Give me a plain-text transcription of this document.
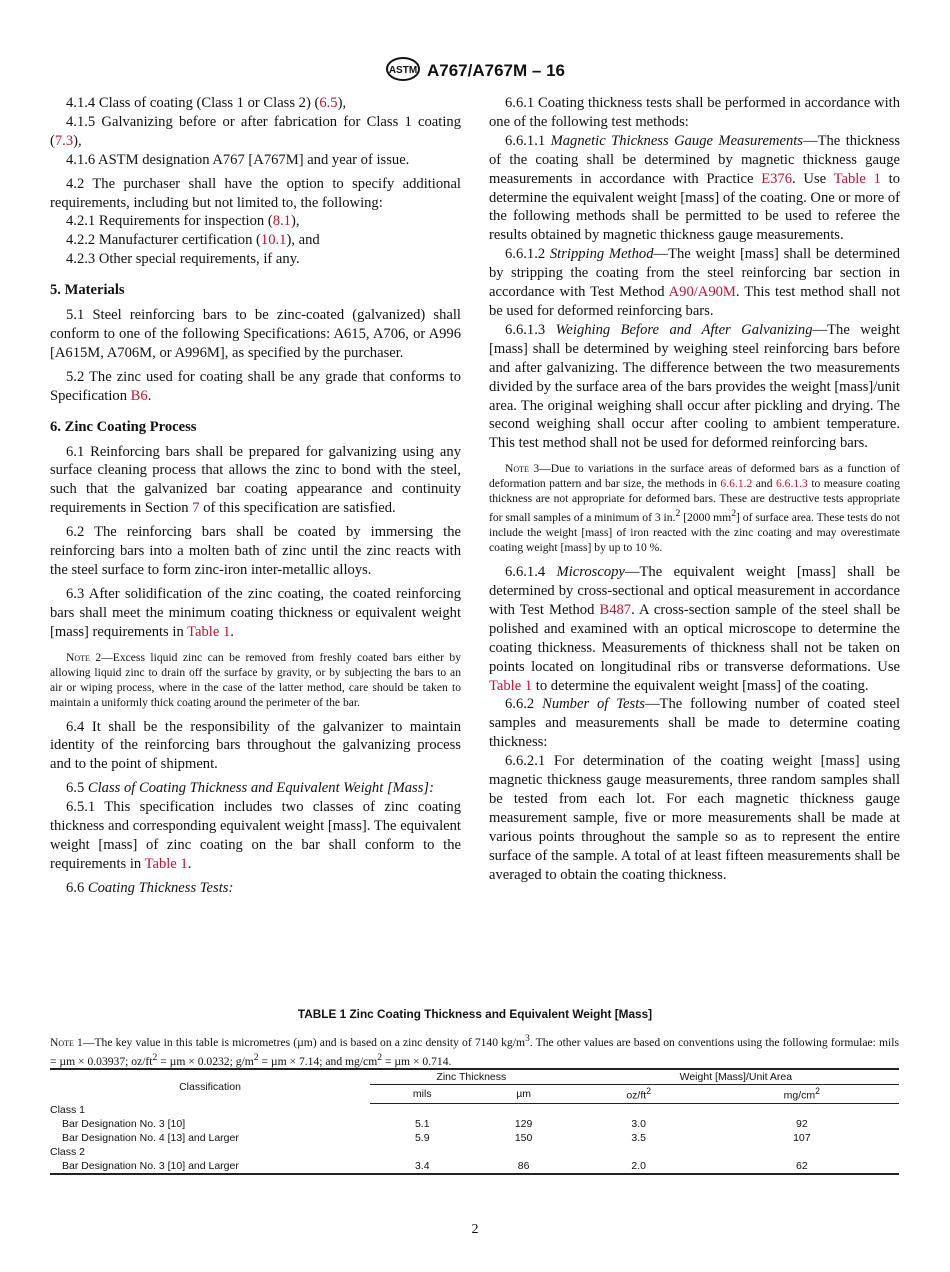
ASTM A767/A767M – 16

4.1.4 Class of coating (Class 1 or Class 2) (6.5),

4.1.5 Galvanizing before or after fabrication for Class 1 coating (7.3),

4.1.6 ASTM designation A767 [A767M] and year of issue.

4.2 The purchaser shall have the option to specify additional requirements, including but not limited to, the following:

4.2.1 Requirements for inspection (8.1),

4.2.2 Manufacturer certification (10.1), and

4.2.3 Other special requirements, if any.

5. Materials

5.1 Steel reinforcing bars to be zinc-coated (galvanized) shall conform to one of the following Specifications: A615, A706, or A996 [A615M, A706M, or A996M], as specified by the purchaser.

5.2 The zinc used for coating shall be any grade that conforms to Specification B6.

6. Zinc Coating Process

6.1 Reinforcing bars shall be prepared for galvanizing using any surface cleaning process that allows the zinc to bond with the steel, such that the galvanized bar coating appearance and continuity requirements in Section 7 of this specification are satisfied.

6.2 The reinforcing bars shall be coated by immersing the reinforcing bars into a molten bath of zinc until the zinc reacts with the steel surface to form zinc-iron inter-metallic alloys.

6.3 After solidification of the zinc coating, the coated reinforcing bars shall meet the minimum coating thickness or equivalent weight [mass] requirements in Table 1.

Note 2—Excess liquid zinc can be removed from freshly coated bars either by allowing liquid zinc to drain off the surface by gravity, or by subjecting the bars to an air or wiping process, where in the case of the latter method, care should be taken to maintain a uniformly thick coating around the perimeter of the bar.

6.4 It shall be the responsibility of the galvanizer to maintain identity of the reinforcing bars throughout the galvanizing process and to the point of shipment.

6.5 Class of Coating Thickness and Equivalent Weight [Mass]:

6.5.1 This specification includes two classes of zinc coating thickness and corresponding equivalent weight [mass]. The equivalent weight [mass] of zinc coating on the bar shall conform to the requirements in Table 1.

6.6 Coating Thickness Tests:

6.6.1 Coating thickness tests shall be performed in accordance with one of the following test methods:

6.6.1.1 Magnetic Thickness Gauge Measurements—The thickness of the coating shall be determined by magnetic thickness gauge measurements in accordance with Practice E376. Use Table 1 to determine the equivalent weight [mass] of the coating. One or more of the following methods shall be permitted to be used to referee the results obtained by magnetic thickness gauge measurements.

6.6.1.2 Stripping Method—The weight [mass] shall be determined by stripping the coating from the steel reinforcing bar section in accordance with Test Method A90/A90M. This test method shall not be used for deformed reinforcing bars.

6.6.1.3 Weighing Before and After Galvanizing—The weight [mass] shall be determined by weighing steel reinforcing bars before and after galvanizing. The difference between the two measurements divided by the surface area of the bars provides the weight [mass]/unit area. The original weighing shall occur after pickling and drying. The second weighing shall occur after cooling to ambient temperature. This test method shall not be used for deformed reinforcing bars.

Note 3—Due to variations in the surface areas of deformed bars as a function of deformation pattern and bar size, the methods in 6.6.1.2 and 6.6.1.3 to measure coating thickness are not appropriate for deformed bars. These are destructive tests appropriate for small samples of a minimum of 3 in.$^2$ [2000 $mm^2$] of surface area. These tests do not include the weight [mass] of iron reacted with the zinc coating and may overestimate coating weight [mass] by up to 10 %.

6.6.1.4 Microscopy—The equivalent weight [mass] shall be determined by cross-sectional and optical measurement in accordance with Test Method B487. A cross-section sample of the steel shall be polished and examined with an optical microscope to determine the coating thickness. Measurements of thickness shall not be taken on points located on longitudinal ribs or transverse deformations. Use Table 1 to determine the equivalent weight [mass] of the coating.

6.6.2 Number of Tests—The following number of coated steel samples and measurements shall be made to determine coating thickness:

6.6.2.1 For determination of the coating weight [mass] using magnetic thickness gauge measurements, three random samples shall be tested from each lot. For each magnetic thickness gauge measurement sample, five or more measurements shall be made at various points throughout the sample so as to represent the entire surface of the sample. A total of at least fifteen measurements shall be averaged to obtain the coating thickness.

TABLE 1 Zinc Coating Thickness and Equivalent Weight [Mass]
Note 1—The key value in this table is micrometres (µm) and is based on a zinc density of 7140 $kg/m^3$. The other values are based on conventions using the following formulae: mils = µm × 0.03937; $oz/ft^2 = \mu m \times 0.0232$; $g/m^2 = \mu m \times 7.14$; and $mg/cm^2 = \mu m \times 0.714$.
Classification	Zinc Thickness		Weight [Mass]/Unit Area	
	mils	µm	$oz/ft^2$	$mg/cm^2$
Class 1				
Bar Designation No. 3 [10]	5.1	129	3.0	92
Bar Designation No. 4 [13] and Larger	5.9	150	3.5	107
Class 2				
Bar Designation No. 3 [10] and Larger	3.4	86	2.0	62
2
